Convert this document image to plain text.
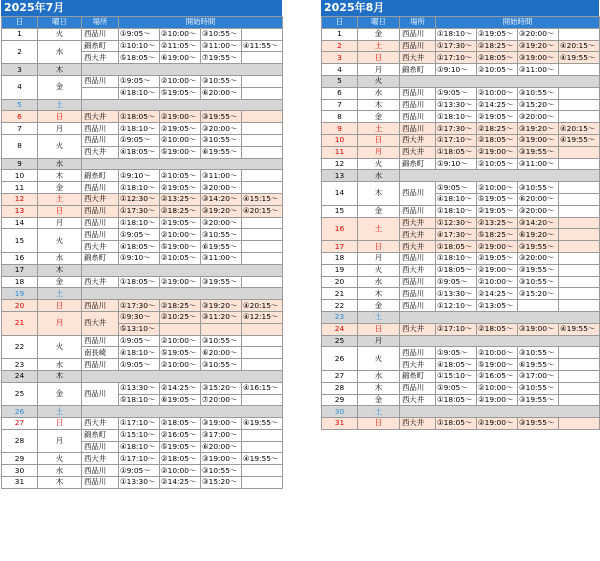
2025年7月
日	曜日	場所	開始時間			
1	火	西品川	①9:05～	②10:00～	③10:55～	
2	水	錦糸町	①10:10～	②11:05～	③11:00～	④11:55～
		西大井	⑤18:05～	⑥19:00～	⑦19:55～	
3	木					
4	金	西品川	①9:05～	②10:00～	③10:55～	
			④18:10～	⑤19:05～	⑥20:00～	
5	土					
6	日	西大井	①18:05～	②19:00～	③19:55～	
7	月	西品川	①18:10～	②19:05～	③20:00～	
8	火	西品川	①9:05～	②10:00～	③10:55～	
		西大井	④18:05～	⑤19:00～	⑥19:55～	
9	水					
10	木	錦糸町	①9:10～	②10:05～	③11:00～	
11	金	西品川	①18:10～	②19:05～	③20:00～	
12	土	西大井	①12:30～	②13:25～	③14:20～	④15:15～
13	日	西品川	①17:30～	②18:25～	③19:20～	④20:15～
14	月	西品川	①18:10～	②19:05～	③20:00～	
15	火	西品川	①9:05～	②10:00～	③10:55～	
		西大井	④18:05～	⑤19:00～	⑥19:55～	
16	水	錦糸町	①9:10～	②10:05～	③11:00～	
17	木					
18	金	西大井	①18:05～	②19:00～	③19:55～	
19	土					
20	日	西品川	①17:30～	②18:25～	③19:20～	④20:15～
21	月	西大井	①9:30～	②10:25～	③11:20～	④12:15～
			⑤13:10～			
22	火	西品川	①9:05～	②10:00～	③10:55～	
		南長崎	④18:10～	⑤19:05～	⑥20:00～	
23	水	西品川	①9:05～	②10:00～	③10:55～	
24	木					
25	金	西品川	①13:30～	②14:25～	③15:20～	④16:15～
			⑤18:10～	⑥19:05～	⑦20:00～	
26	土					
27	日	西大井	①17:10～	②18:05～	③19:00～	④19:55～
28	月	錦糸町	①15:10～	②16:05～	③17:00～	
		西品川	④18:10～	⑤19:05～	⑥20:00～	
29	火	西大井	①17:10～	②18:05～	③19:00～	④19:55～
30	水	西品川	①9:05～	②10:00～	③10:55～	
31	木	西品川	①13:30～	②14:25～	③15:20～	
2025年8月
日	曜日	場所	開始時間			
1	金	西品川	①18:10～	②19:05～	③20:00～	
2	土	西品川	①17:30～	②18:25～	③19:20～	④20:15～
3	日	西大井	①17:10～	②18:05～	③19:00～	④19:55～
4	月	錦糸町	①9:10～	②10:05～	③11:00～	
5	火					
6	水	西品川	①9:05～	②10:00～	③10:55～	
7	木	西品川	①13:30～	②14:25～	③15:20～	
8	金	西品川	①18:10～	②19:05～	③20:00～	
9	土	西品川	①17:30～	②18:25～	③19:20～	④20:15～
10	日	西大井	①17:10～	②18:05～	③19:00～	④19:55～
11	月	西大井	①18:05～	②19:00～	③19:55～	
12	火	錦糸町	①9:10～	②10:05～	③11:00～	
13	水					
14	木	西品川	①9:05～	②10:00～	③10:55～	
			④18:10～	⑤19:05～	⑥20:00～	
15	金	西品川	①18:10～	②19:05～	③20:00～	
16	土	西大井	①12:30～	②13:25～	③14:20～	
		西大井	④17:30～	⑤18:25～	⑥19:20～	
17	日	西大井	①18:05～	②19:00～	③19:55～	
18	月	西品川	①18:10～	②19:05～	③20:00～	
19	火	西大井	①18:05～	②19:00～	③19:55～	
20	水	西品川	①9:05～	②10:00～	③10:55～	
21	木	西品川	①13:30～	②14:25～	③15:20～	
22	金	西品川	①12:10～	②13:05～		
23	土					
24	日	西大井	①17:10～	②18:05～	③19:00～	④19:55～
25	月					
26	火	西品川	①9:05～	②10:00～	③10:55～	
		西大井	④18:05～	⑤19:00～	⑥19:55～	
27	水	錦糸町	①15:10～	②16:05～	③17:00～	
28	木	西品川	①9:05～	②10:00～	③10:55～	
29	金	西大井	①18:05～	②19:00～	③19:55～	
30	土					
31	日	西大井	①18:05～	②19:00～	③19:55～	
